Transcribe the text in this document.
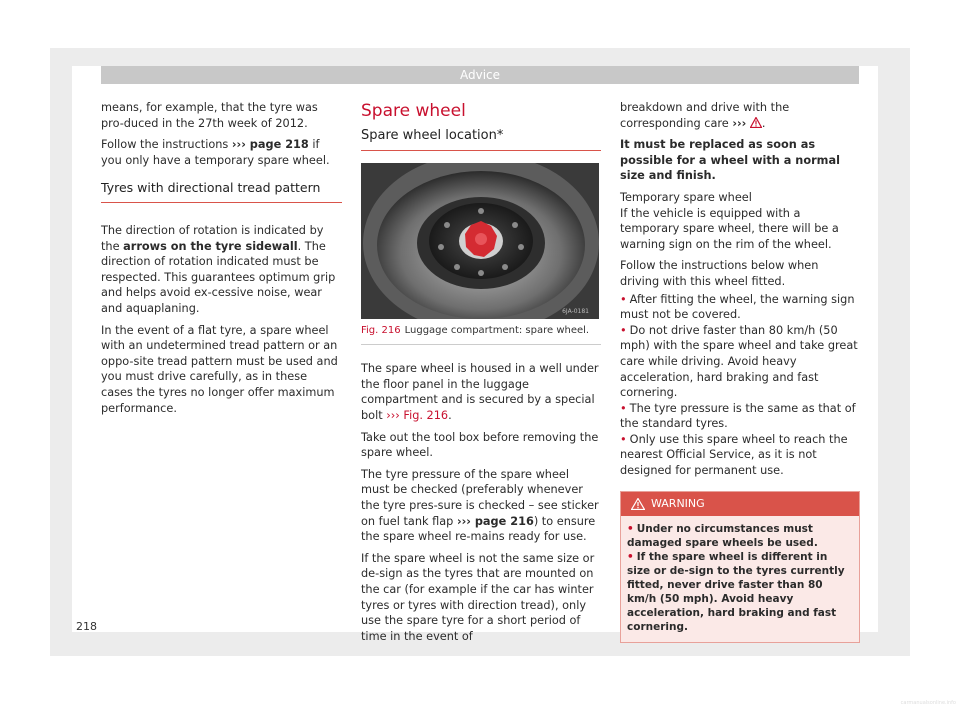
Advice

means, for example, that the tyre was pro-duced in the 27th week of 2012.

Follow the instructions ››› page 218 if you only have a temporary spare wheel.

Tyres with directional tread pattern

The direction of rotation is indicated by the arrows on the tyre sidewall. The direction of rotation indicated must be respected. This guarantees optimum grip and helps avoid ex-cessive noise, wear and aquaplaning.

In the event of a flat tyre, a spare wheel with an undetermined tread pattern or an oppo-site tread pattern must be used and you must drive carefully, as in these cases the tyres no longer offer maximum performance.

Spare wheel
Spare wheel location*
6JA-0181
Fig. 216 Luggage compartment: spare wheel.

The spare wheel is housed in a well under the floor panel in the luggage compartment and is secured by a special bolt ››› Fig. 216.

Take out the tool box before removing the spare wheel.

The tyre pressure of the spare wheel must be checked (preferably whenever the tyre pres-sure is checked – see sticker on fuel tank flap ››› page 216) to ensure the spare wheel re-mains ready for use.

If the spare wheel is not the same size or de-sign as the tyres that are mounted on the car (for example if the car has winter tyres or tyres with direction tread), only use the spare tyre for a short period of time in the event of

breakdown and drive with the corresponding care ››› .

It must be replaced as soon as possible for a wheel with a normal size and finish.

Temporary spare wheel

If the vehicle is equipped with a temporary spare wheel, there will be a warning sign on the rim of the wheel.

Follow the instructions below when driving with this wheel fitted.

• After fitting the wheel, the warning sign must not be covered.
• Do not drive faster than 80 km/h (50 mph) with the spare wheel and take great care while driving. Avoid heavy acceleration, hard braking and fast cornering.
• The tyre pressure is the same as that of the standard tyres.
• Only use this spare wheel to reach the nearest Official Service, as it is not designed for permanent use.
WARNING
• Under no circumstances must damaged spare wheels be used.
• If the spare wheel is different in size or de-sign to the tyres currently fitted, never drive faster than 80 km/h (50 mph). Avoid heavy acceleration, hard braking and fast cornering.
218
carmanualsonline.info
